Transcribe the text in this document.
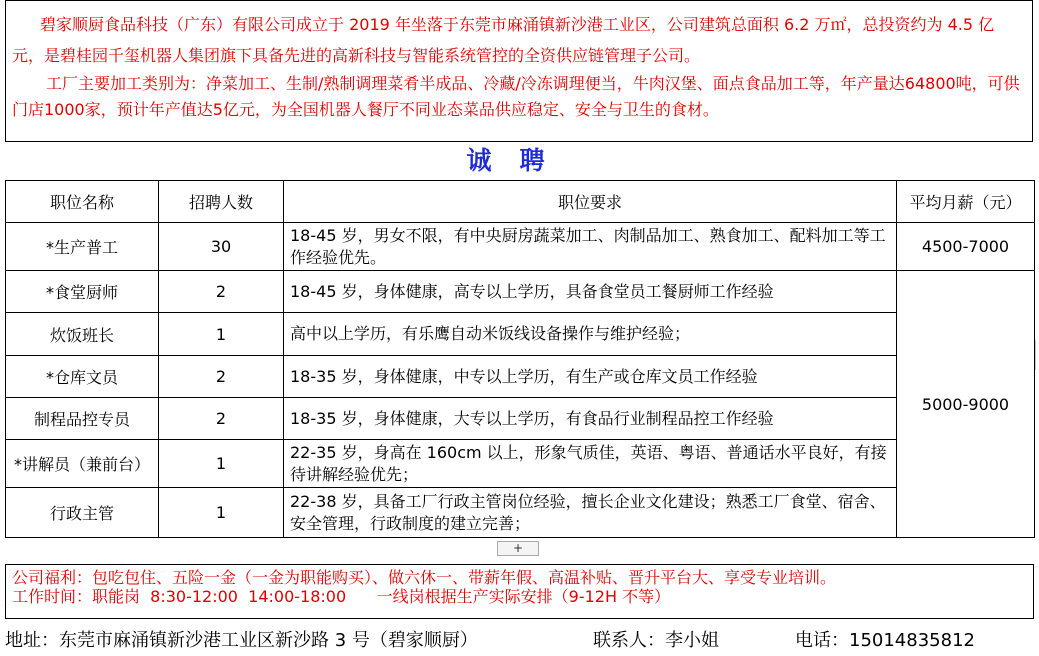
碧家顺厨食品科技（广东）有限公司成立于 2019 年坐落于东莞市麻涌镇新沙港工业区，公司建筑总面积 6.2 万㎡，总投资约为 4.5 亿元，是碧桂园千玺机器人集团旗下具备先进的高新科技与智能系统管控的全资供应链管理子公司。

工厂主要加工类别为：净菜加工、生制/熟制调理菜肴半成品、冷藏/冷冻调理便当，牛肉汉堡、面点食品加工等，年产量达64800吨，可供门店1000家，预计年产值达5亿元，为全国机器人餐厅不同业态菜品供应稳定、安全与卫生的食材。

诚聘
职位名称	招聘人数	职位要求	平均月薪（元）
*生产普工	30	18-45 岁，男女不限，有中央厨房蔬菜加工、肉制品加工、熟食加工、配料加工等工作经验优先。	4500-7000
*食堂厨师	2	18-45 岁，身体健康，高专以上学历，具备食堂员工餐厨师工作经验	5000-9000
炊饭班长	1	高中以上学历，有乐鹰自动米饭线设备操作与维护经验；	
*仓库文员	2	18-35 岁，身体健康，中专以上学历，有生产或仓库文员工作经验	
制程品控专员	2	18-35 岁，身体健康，大专以上学历，有食品行业制程品控工作经验	
*讲解员（兼前台）	1	22-35 岁，身高在 160cm 以上，形象气质佳，英语、粤语、普通话水平良好，有接待讲解经验优先；	
行政主管	1	22-38 岁，具备工厂行政主管岗位经验，擅长企业文化建设；熟悉工厂食堂、宿舍、安全管理，行政制度的建立完善；	
+

公司福利：包吃包住、五险一金（一金为职能购买）、做六休一、带薪年假、高温补贴、晋升平台大、享受专业培训。

工作时间：职能岗  8:30-12:00  14:00-18:00      一线岗根据生产实际安排（9-12H 不等）

地址：东莞市麻涌镇新沙港工业区新沙路 3 号（碧家顺厨）	联系人：李小姐	电话：15014835812
